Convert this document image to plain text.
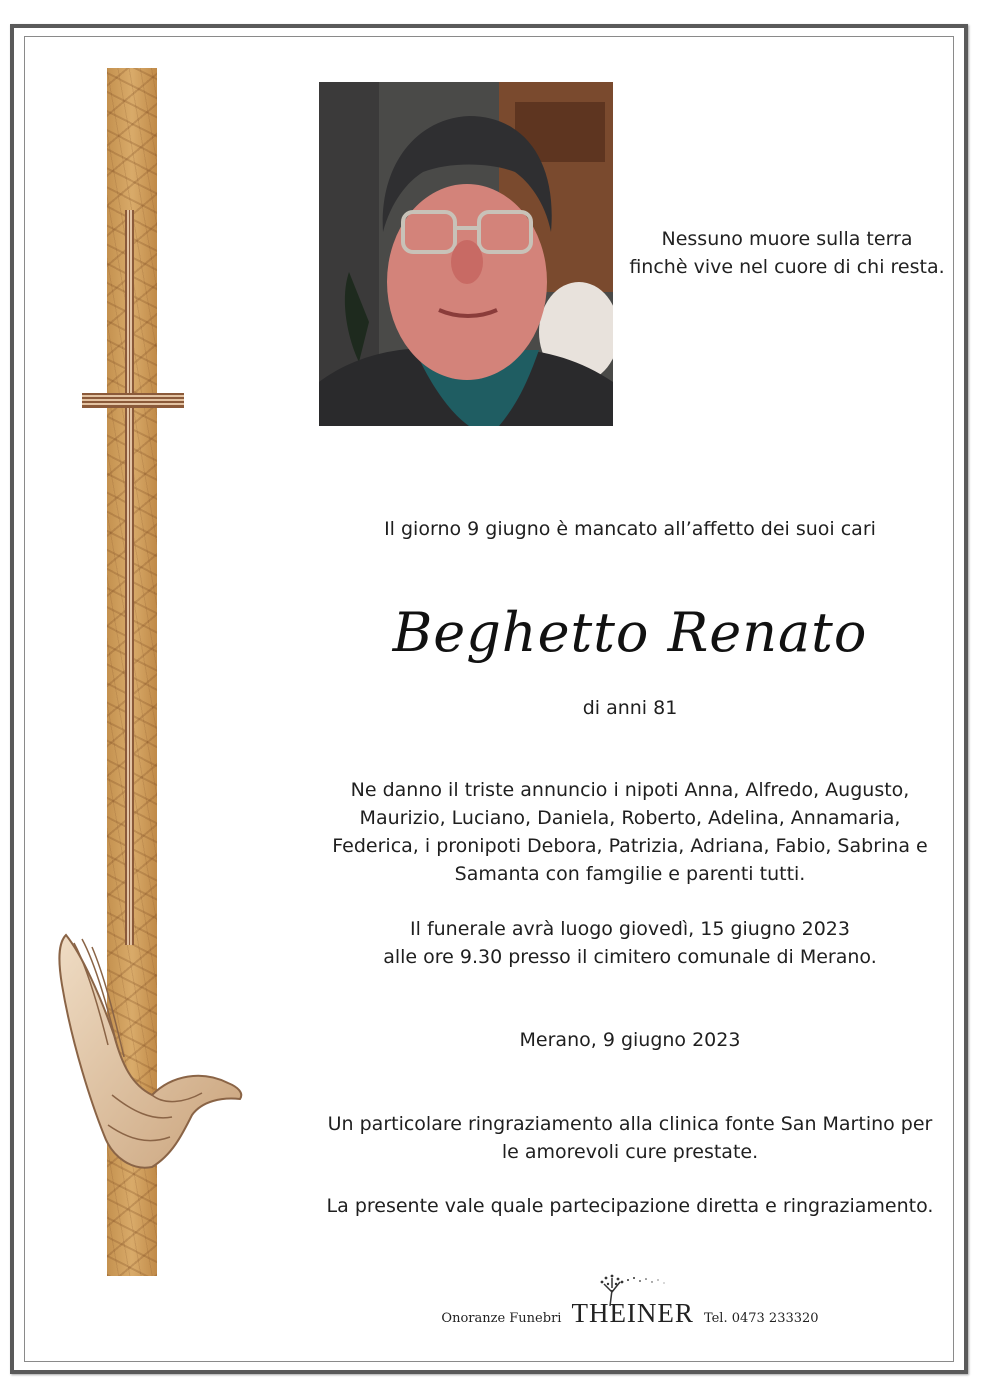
Nessuno muore sulla terra

finchè vive nel cuore di chi resta.

Il giorno 9 giugno è mancato all’affetto dei suoi cari
Beghetto Renato
di anni 81

Ne danno il triste annuncio i nipoti Anna, Alfredo, Augusto,

Maurizio, Luciano, Daniela, Roberto, Adelina, Annamaria,

Federica, i pronipoti Debora, Patrizia, Adriana, Fabio, Sabrina e

Samanta con famgilie e parenti tutti.

Il funerale avrà luogo giovedì, 15 giugno 2023

alle ore 9.30 presso il cimitero comunale di Merano.

Merano, 9 giugno 2023

Un particolare ringraziamento alla clinica fonte San Martino per

le amorevoli cure prestate.

La presente vale quale partecipazione diretta e ringraziamento.
Onoranze Funebri THEINER Tel. 0473 233320
